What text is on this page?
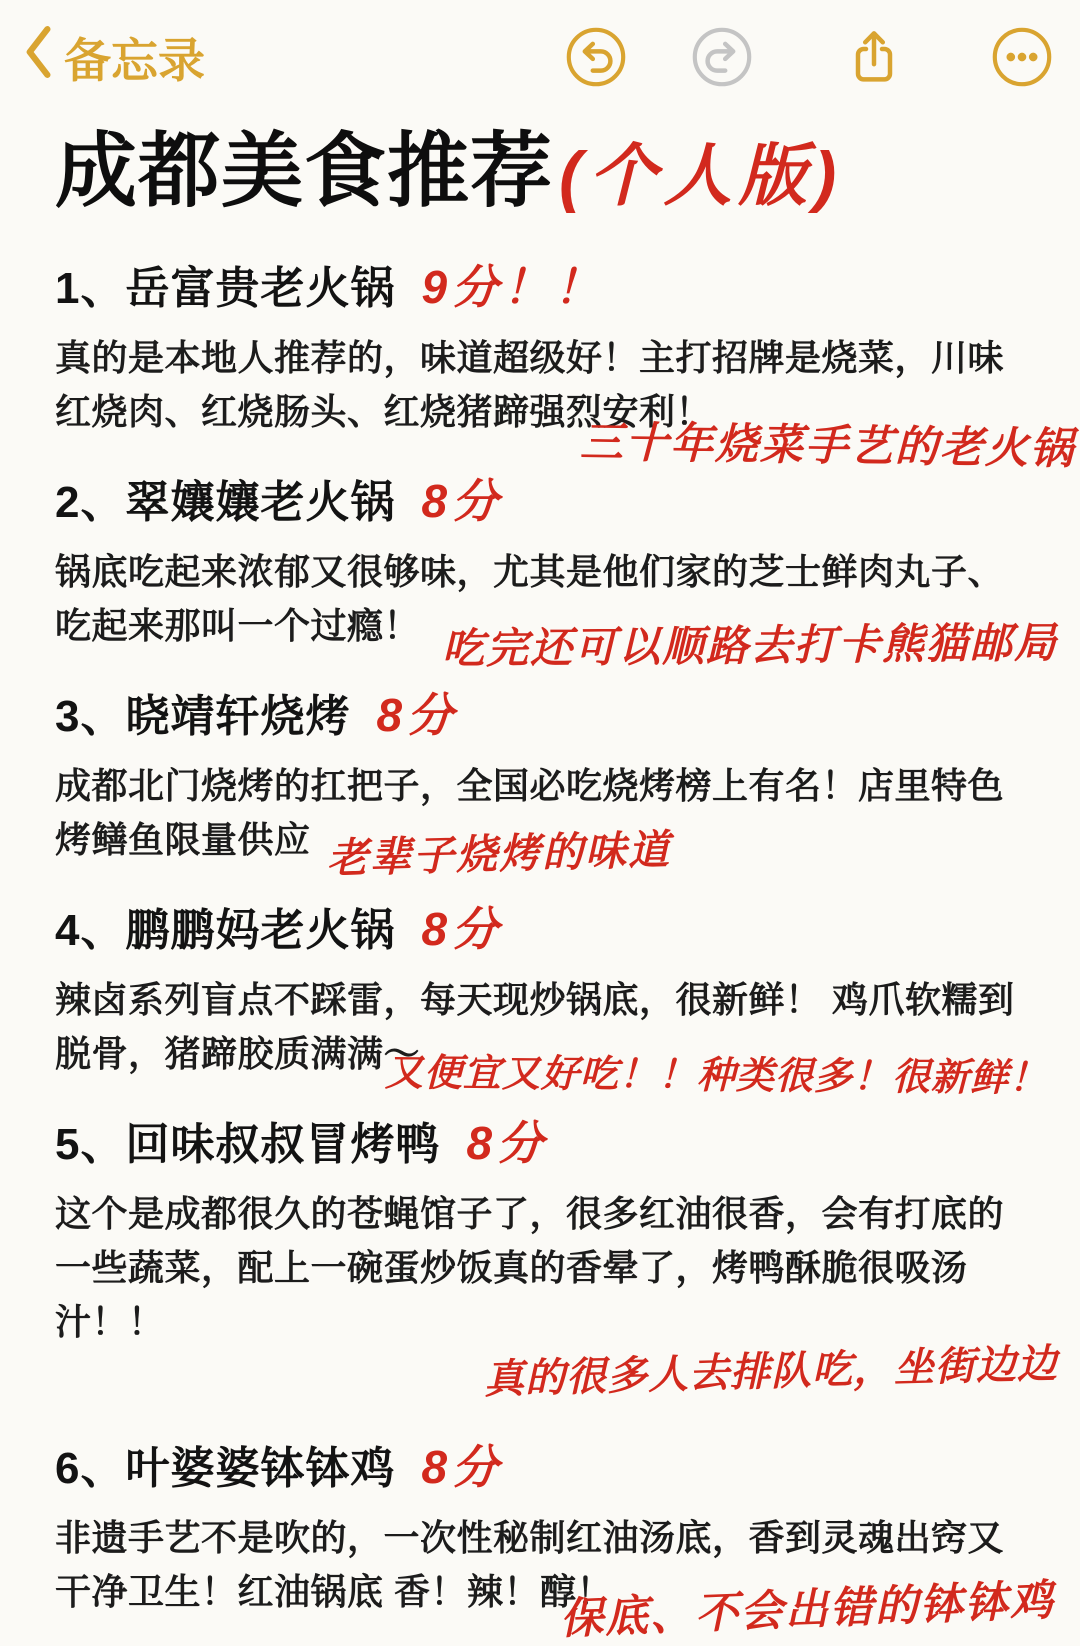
备忘录
成都美食推荐(个人版)
1、岳富贵老火锅 9分！！

真的是本地人推荐的，味道超级好！主打招牌是烧菜，川味红烧肉、红烧肠头、红烧猪蹄强烈安利！
三十年烧菜手艺的老火锅

2、翠孃孃老火锅 8分

锅底吃起来浓郁又很够味，尤其是他们家的芝士鲜肉丸子、吃起来那叫一个过瘾！ 吃完还可以顺路去打卡熊猫邮局

3、晓靖轩烧烤 8分

成都北门烧烤的扛把子，全国必吃烧烤榜上有名！店里特色烤鳝鱼限量供应 老辈子烧烤的味道

4、鹏鹏妈老火锅 8分

辣卤系列盲点不踩雷，每天现炒锅底，很新鲜！ 鸡爪软糯到脱骨，猪蹄胶质满满～
又便宜又好吃！！种类很多！很新鲜！

5、回味叔叔冒烤鸭 8分

这个是成都很久的苍蝇馆子了，很多红油很香，会有打底的一些蔬菜，配上一碗蛋炒饭真的香晕了，烤鸭酥脆很吸汤汁！！
真的很多人去排队吃，坐街边边

6、叶婆婆钵钵鸡 8分

非遗手艺不是吹的，一次性秘制红油汤底，香到灵魂出窍又干净卫生！红油锅底 香！辣！醇！
保底、不会出错的钵钵鸡
